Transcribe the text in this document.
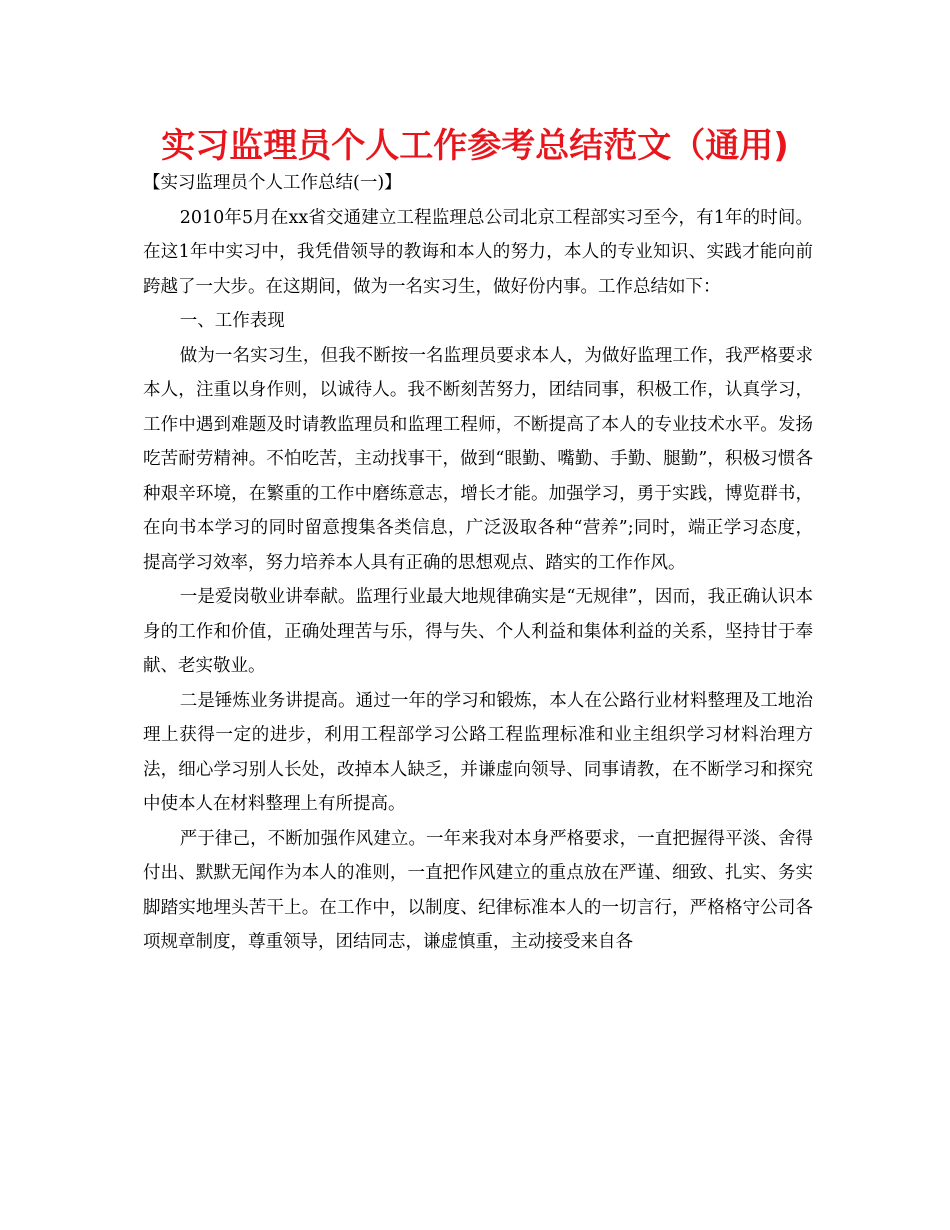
实习监理员个人工作参考总结范文（通用)

【实习监理员个人工作总结(一)】

2010年5月在xx省交通建立工程监理总公司北京工程部实习至今，有1年的时间。在这1年中实习中，我凭借领导的教诲和本人的努力，本人的专业知识、实践才能向前跨越了一大步。在这期间，做为一名实习生，做好份内事。工作总结如下：

一、工作表现

做为一名实习生，但我不断按一名监理员要求本人，为做好监理工作，我严格要求本人，注重以身作则，以诚待人。我不断刻苦努力，团结同事，积极工作，认真学习，工作中遇到难题及时请教监理员和监理工程师，不断提高了本人的专业技术水平。发扬吃苦耐劳精神。不怕吃苦，主动找事干，做到“眼勤、嘴勤、手勤、腿勤”，积极习惯各种艰辛环境，在繁重的工作中磨练意志，增长才能。加强学习，勇于实践，博览群书，在向书本学习的同时留意搜集各类信息，广泛汲取各种“营养”;同时，端正学习态度，提高学习效率，努力培养本人具有正确的思想观点、踏实的工作作风。

一是爱岗敬业讲奉献。监理行业最大地规律确实是“无规律”，因而，我正确认识本身的工作和价值，正确处理苦与乐，得与失、个人利益和集体利益的关系，坚持甘于奉献、老实敬业。

二是锤炼业务讲提高。通过一年的学习和锻炼，本人在公路行业材料整理及工地治理上获得一定的进步，利用工程部学习公路工程监理标准和业主组织学习材料治理方法，细心学习别人长处，改掉本人缺乏，并谦虚向领导、同事请教，在不断学习和探究中使本人在材料整理上有所提高。

严于律己，不断加强作风建立。一年来我对本身严格要求，一直把握得平淡、舍得付出、默默无闻作为本人的准则，一直把作风建立的重点放在严谨、细致、扎实、务实脚踏实地埋头苦干上。在工作中，以制度、纪律标准本人的一切言行，严格格守公司各项规章制度，尊重领导，团结同志，谦虚慎重，主动接受来自各
